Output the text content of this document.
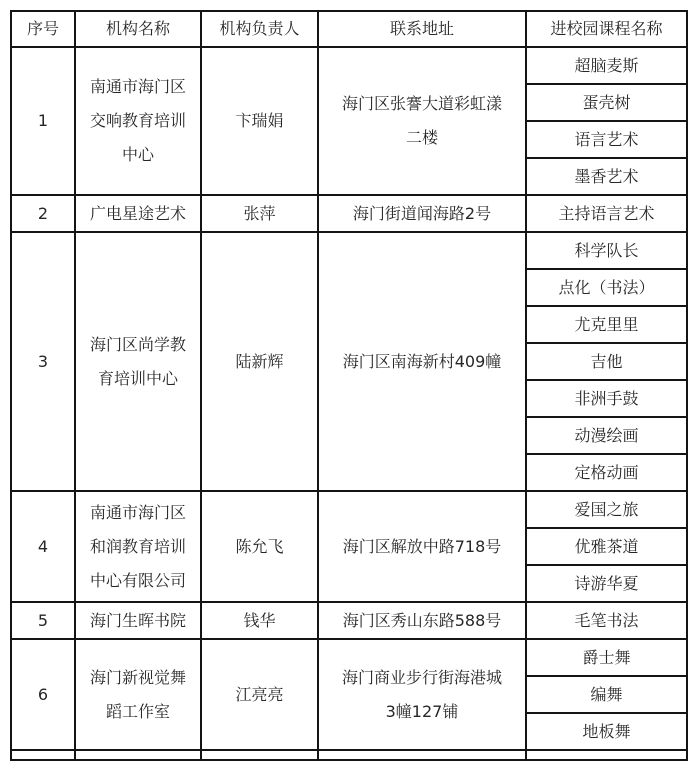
序号	机构名称	机构负责人	联系地址	进校园课程名称
1	南通市海门区交响教育培训中心	卞瑞娟	海门区张謇大道彩虹漾二楼	超脑麦斯
				蛋壳树
				语言艺术
				墨香艺术
2	广电星途艺术	张萍	海门街道闻海路2号	主持语言艺术
3	海门区尚学教育培训中心	陆新辉	海门区南海新村409幢	科学队长
				点化（书法）
				尤克里里
				吉他
				非洲手鼓
				动漫绘画
				定格动画
4	南通市海门区和润教育培训中心有限公司	陈允飞	海门区解放中路718号	爱国之旅
				优雅茶道
				诗游华夏
5	海门生晖书院	钱华	海门区秀山东路588号	毛笔书法
6	海门新视觉舞蹈工作室	江亮亮	海门商业步行街海港城3幢127铺	爵士舞
				编舞
				地板舞
